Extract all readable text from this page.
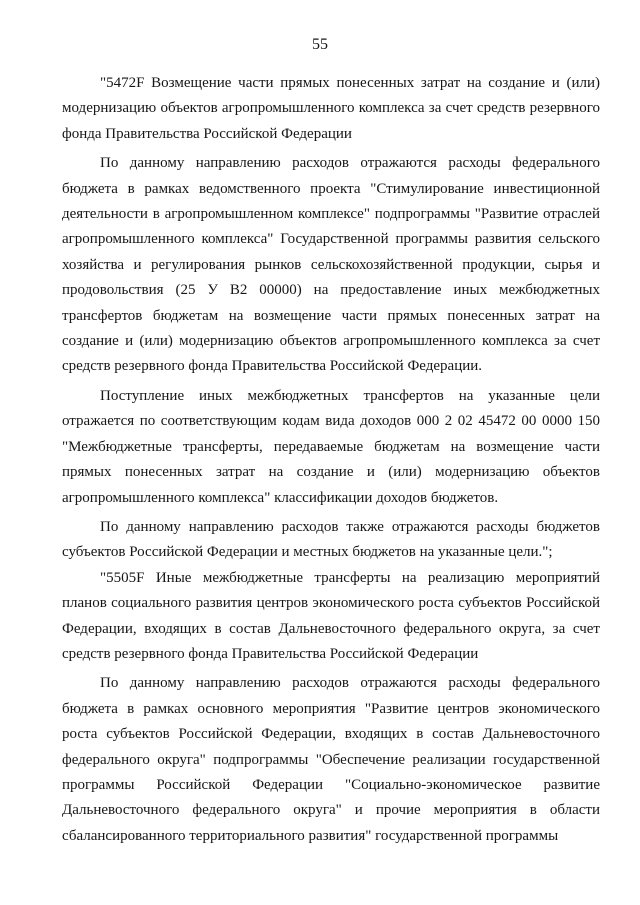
55

"5472F Возмещение части прямых понесенных затрат на создание и (или) модернизацию объектов агропромышленного комплекса за счет средств резервного фонда Правительства Российской Федерации

По данному направлению расходов отражаются расходы федерального бюджета в рамках ведомственного проекта "Стимулирование инвестиционной деятельности в агропромышленном комплексе" подпрограммы "Развитие отраслей агропромышленного комплекса" Государственной программы развития сельского хозяйства и регулирования рынков сельскохозяйственной продукции, сырья и продовольствия (25 У В2 00000) на предоставление иных межбюджетных трансфертов бюджетам на возмещение части прямых понесенных затрат на создание и (или) модернизацию объектов агропромышленного комплекса за счет средств резервного фонда Правительства Российской Федерации.

Поступление иных межбюджетных трансфертов на указанные цели отражается по соответствующим кодам вида доходов 000 2 02 45472 00 0000 150 "Межбюджетные трансферты, передаваемые бюджетам на возмещение части прямых понесенных затрат на создание и (или) модернизацию объектов агропромышленного комплекса" классификации доходов бюджетов.

По данному направлению расходов также отражаются расходы бюджетов субъектов Российской Федерации и местных бюджетов на указанные цели.";

"5505F Иные межбюджетные трансферты на реализацию мероприятий планов социального развития центров экономического роста субъектов Российской Федерации, входящих в состав Дальневосточного федерального округа, за счет средств резервного фонда Правительства Российской Федерации

По данному направлению расходов отражаются расходы федерального бюджета в рамках основного мероприятия "Развитие центров экономического роста субъектов Российской Федерации, входящих в состав Дальневосточного федерального округа" подпрограммы "Обеспечение реализации государственной программы Российской Федерации "Социально-экономическое развитие Дальневосточного федерального округа" и прочие мероприятия в области сбалансированного территориального развития" государственной программы
